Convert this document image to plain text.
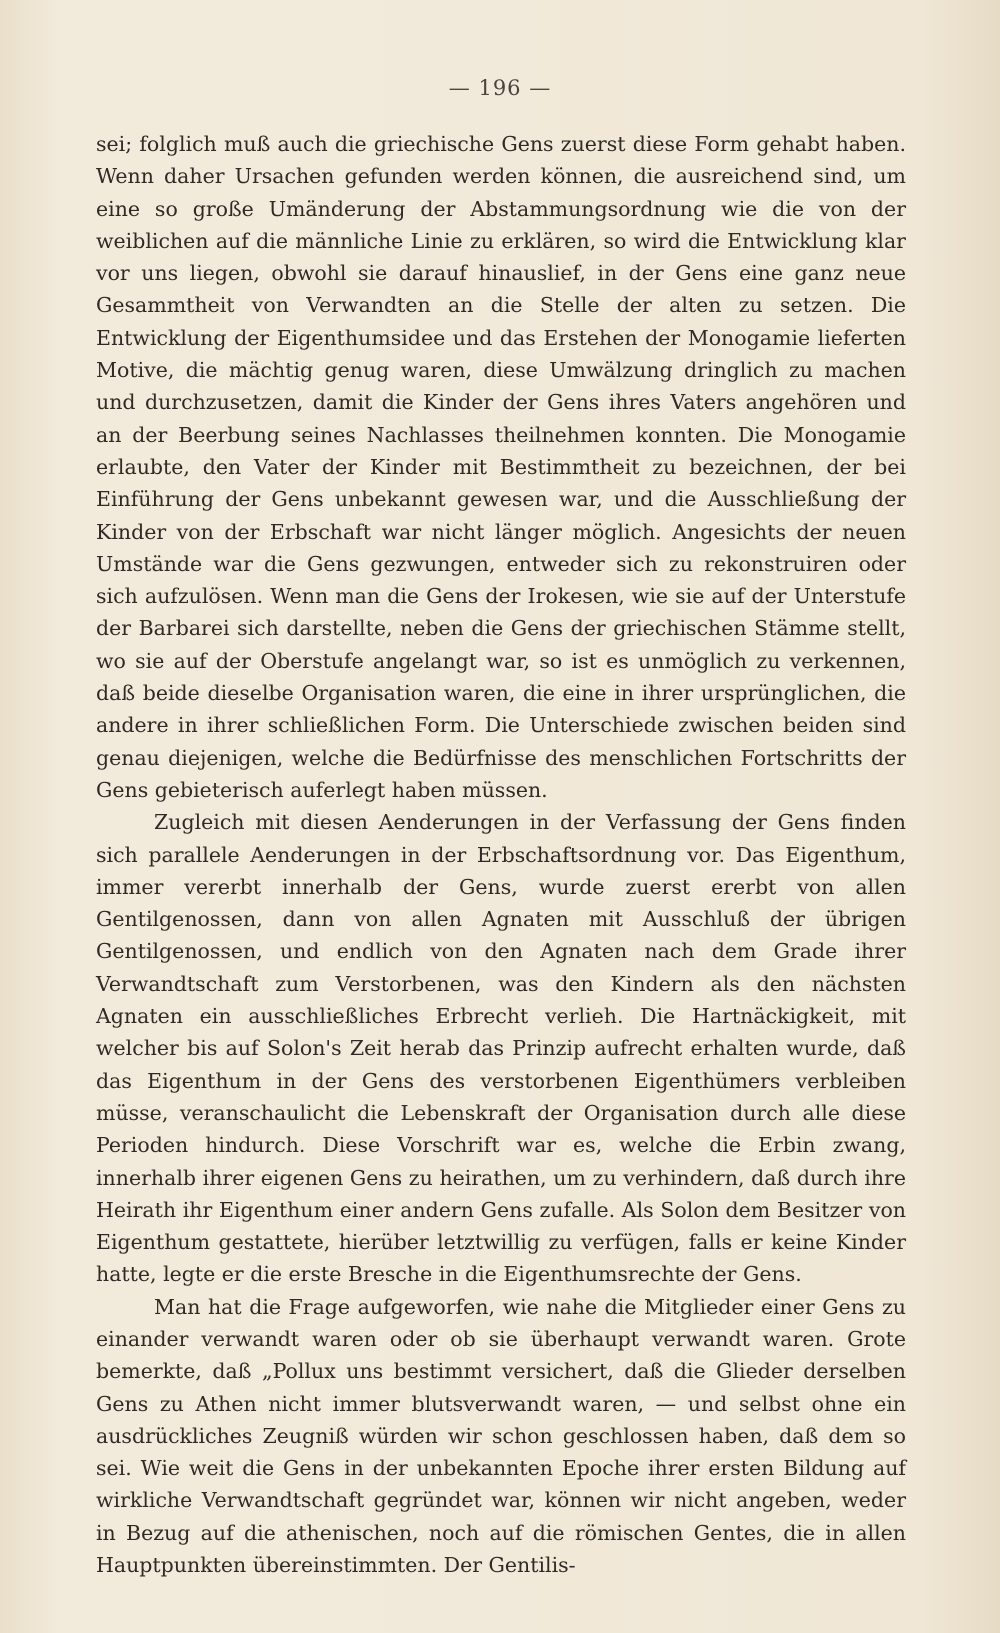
— 196 —

sei; folglich muß auch die griechische Gens zuerst diese Form gehabt haben. Wenn daher Ursachen gefunden werden können, die ausreichend sind, um eine so große Umänderung der Abstammungsordnung wie die von der weiblichen auf die männliche Linie zu erklären, so wird die Entwicklung klar vor uns liegen, obwohl sie darauf hinauslief, in der Gens eine ganz neue Gesammtheit von Verwandten an die Stelle der alten zu setzen. Die Entwicklung der Eigenthumsidee und das Erstehen der Monogamie lieferten Motive, die mächtig genug waren, diese Umwälzung dringlich zu machen und durchzusetzen, damit die Kinder der Gens ihres Vaters angehören und an der Beerbung seines Nachlasses theilnehmen konnten. Die Monogamie erlaubte, den Vater der Kinder mit Bestimmtheit zu bezeichnen, der bei Einführung der Gens unbekannt gewesen war, und die Ausschließung der Kinder von der Erbschaft war nicht länger möglich. Angesichts der neuen Umstände war die Gens gezwungen, entweder sich zu rekonstruiren oder sich aufzulösen. Wenn man die Gens der Irokesen, wie sie auf der Unterstufe der Barbarei sich darstellte, neben die Gens der griechischen Stämme stellt, wo sie auf der Oberstufe angelangt war, so ist es unmöglich zu verkennen, daß beide dieselbe Organisation waren, die eine in ihrer ursprünglichen, die andere in ihrer schließlichen Form. Die Unterschiede zwischen beiden sind genau diejenigen, welche die Bedürfnisse des menschlichen Fortschritts der Gens gebieterisch auferlegt haben müssen.

Zugleich mit diesen Aenderungen in der Verfassung der Gens finden sich parallele Aenderungen in der Erbschaftsordnung vor. Das Eigenthum, immer vererbt innerhalb der Gens, wurde zuerst ererbt von allen Gentilgenossen, dann von allen Agnaten mit Ausschluß der übrigen Gentilgenossen, und endlich von den Agnaten nach dem Grade ihrer Verwandtschaft zum Verstorbenen, was den Kindern als den nächsten Agnaten ein ausschließliches Erbrecht verlieh. Die Hartnäckigkeit, mit welcher bis auf Solon's Zeit herab das Prinzip aufrecht erhalten wurde, daß das Eigenthum in der Gens des verstorbenen Eigenthümers verbleiben müsse, veranschaulicht die Lebenskraft der Organisation durch alle diese Perioden hindurch. Diese Vorschrift war es, welche die Erbin zwang, innerhalb ihrer eigenen Gens zu heirathen, um zu verhindern, daß durch ihre Heirath ihr Eigenthum einer andern Gens zufalle. Als Solon dem Besitzer von Eigenthum gestattete, hierüber letztwillig zu verfügen, falls er keine Kinder hatte, legte er die erste Bresche in die Eigenthumsrechte der Gens.

Man hat die Frage aufgeworfen, wie nahe die Mitglieder einer Gens zu einander verwandt waren oder ob sie überhaupt verwandt waren. Grote bemerkte, daß „Pollux uns bestimmt versichert, daß die Glieder derselben Gens zu Athen nicht immer blutsverwandt waren, — und selbst ohne ein ausdrückliches Zeugniß würden wir schon geschlossen haben, daß dem so sei. Wie weit die Gens in der unbekannten Epoche ihrer ersten Bildung auf wirkliche Verwandtschaft gegründet war, können wir nicht angeben, weder in Bezug auf die athenischen, noch auf die römischen Gentes, die in allen Hauptpunkten übereinstimmten. Der Gentilis-
